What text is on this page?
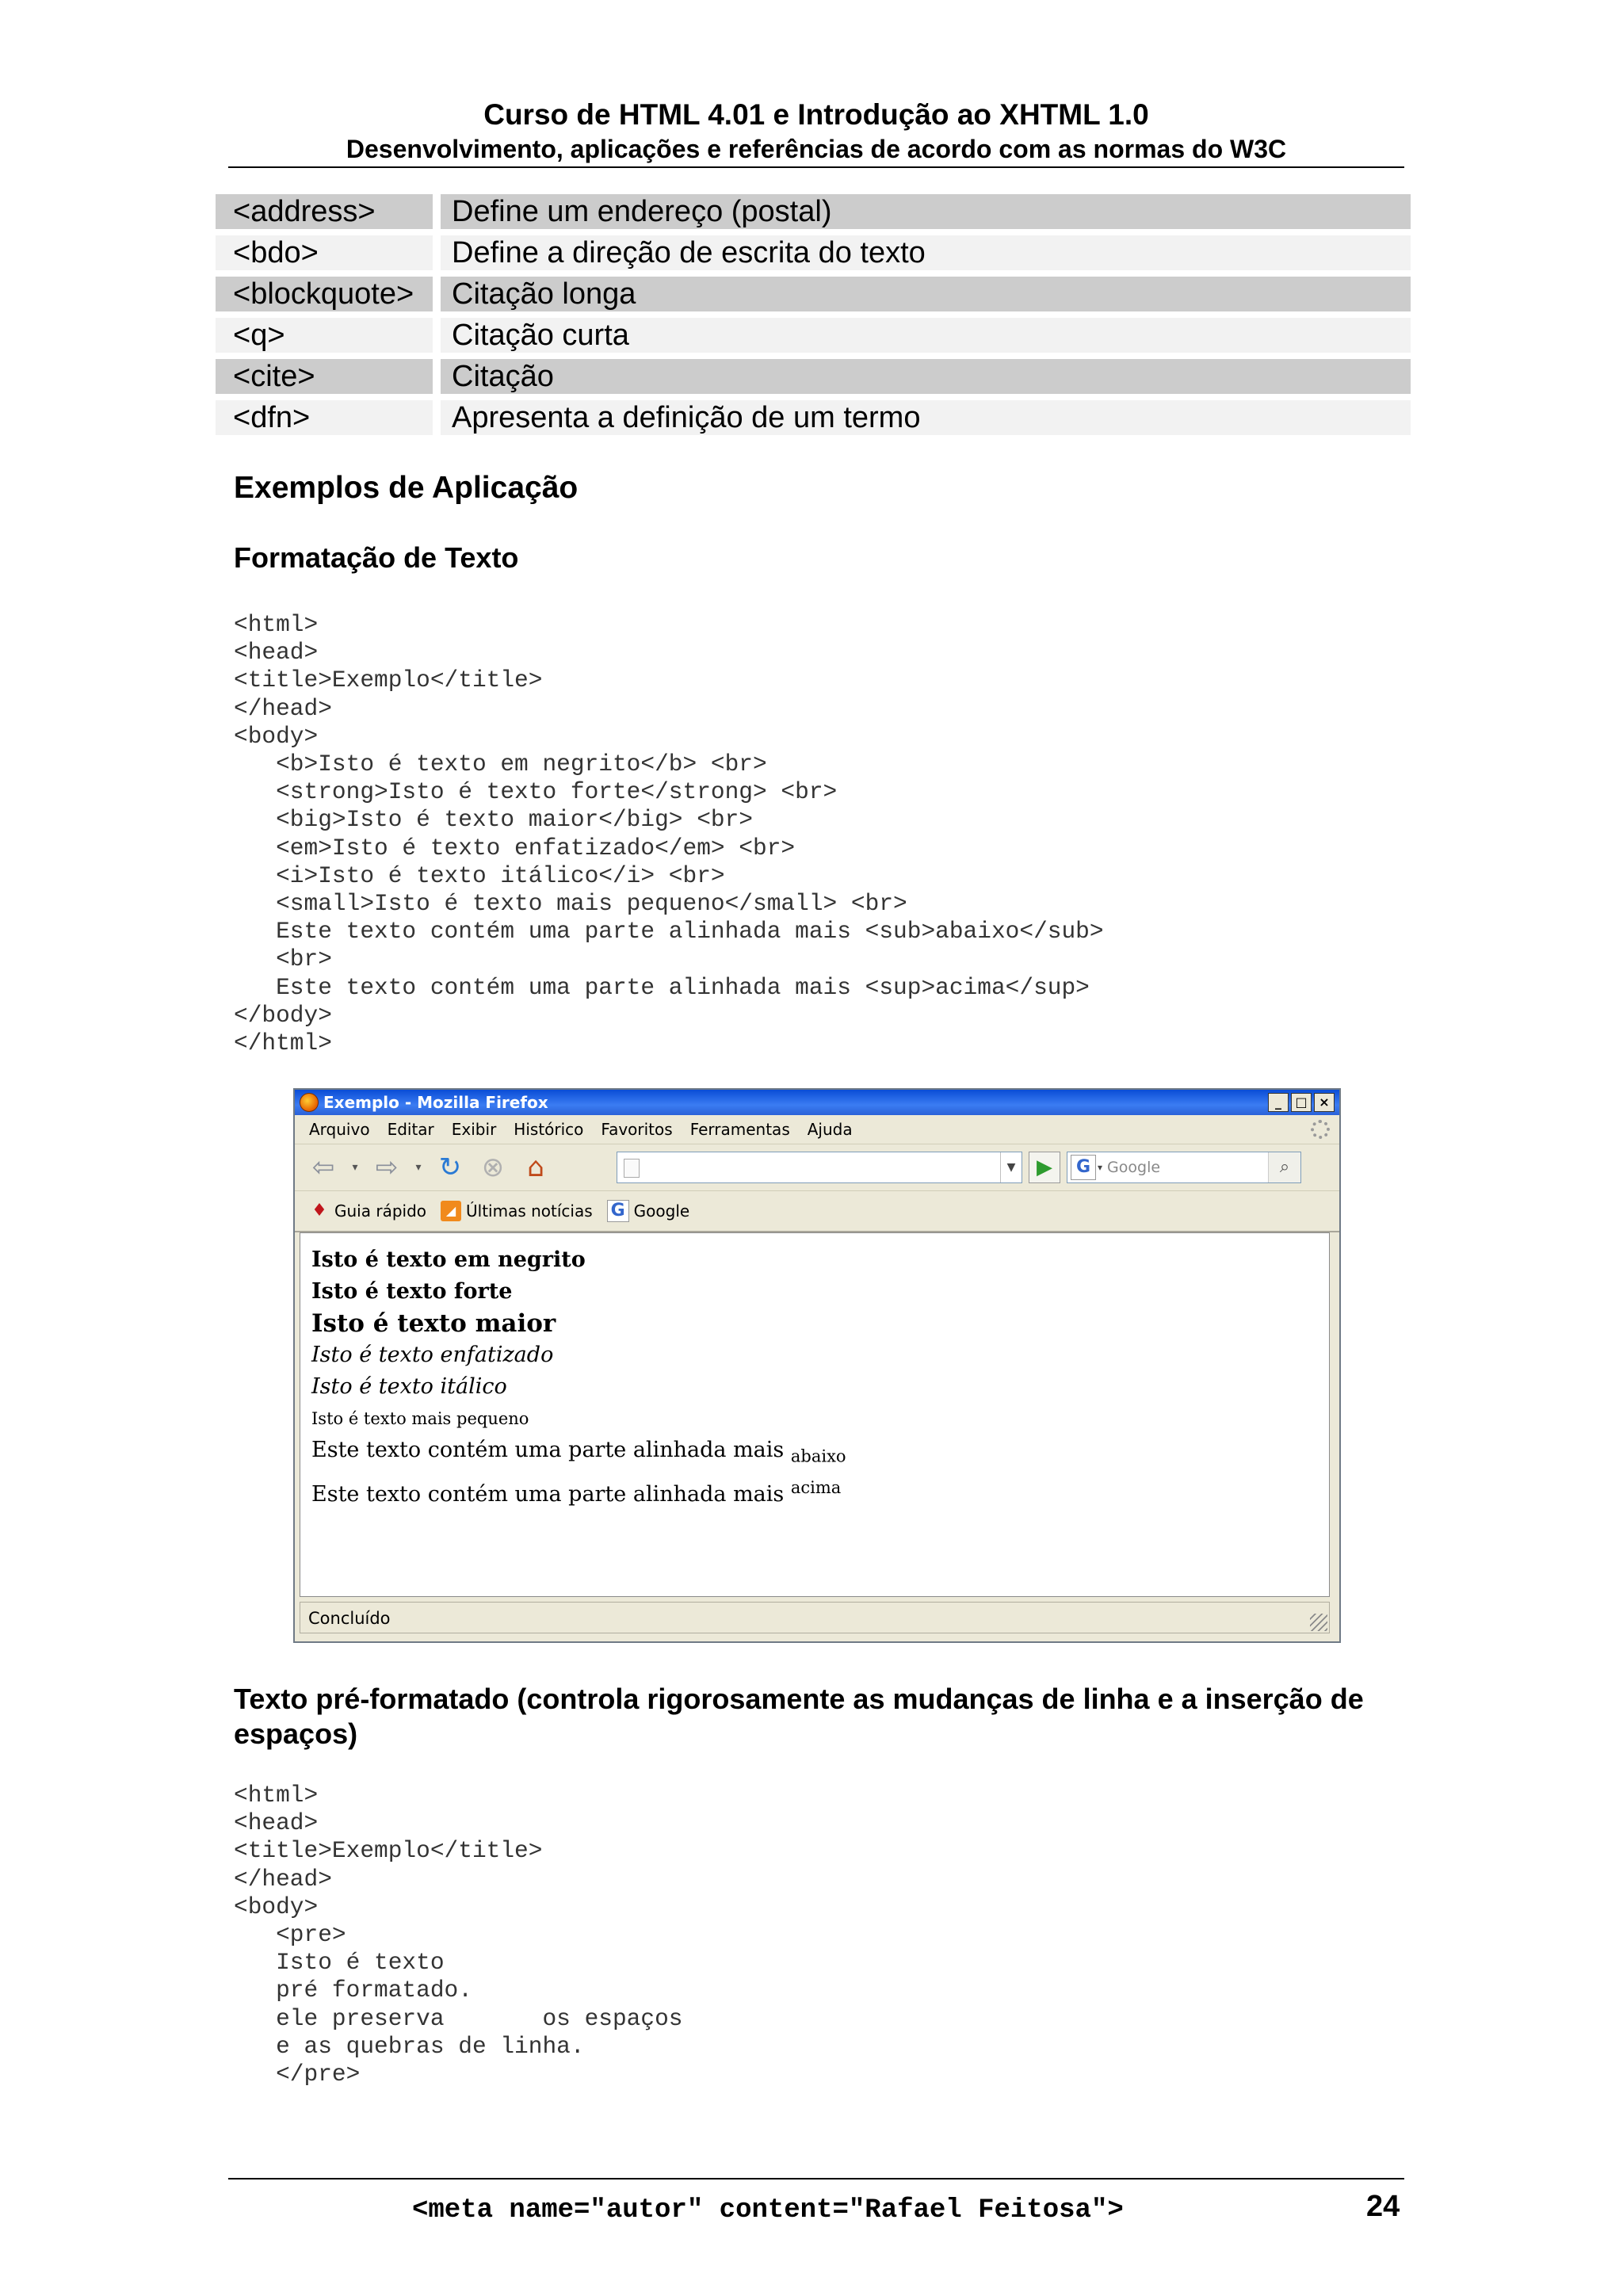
Curso de HTML 4.01 e Introdução ao XHTML 1.0
Desenvolvimento, aplicações e referências de acordo com as normas do W3C
<address>	Define um endereço (postal)
<bdo>	Define a direção de escrita do texto
<blockquote>	Citação longa
<q>	Citação curta
<cite>	Citação
<dfn>	Apresenta a definição de um termo
Exemplos de Aplicação
Formatação de Texto
<html>
<head>
<title>Exemplo</title>
</head>
<body>
<b>Isto é texto em negrito</b> <br>
<strong>Isto é texto forte</strong> <br>
<big>Isto é texto maior</big> <br>
<em>Isto é texto enfatizado</em> <br>
<i>Isto é texto itálico</i> <br>
<small>Isto é texto mais pequeno</small> <br>
Este texto contém uma parte alinhada mais <sub>abaixo</sub>
<br>
Este texto contém uma parte alinhada mais <sup>acima</sup>
</body>
</html>
Exemplo - Mozilla Firefox	_	□ ×
Arquivo Editar Exibir Histórico Favoritos Ferramentas Ajuda
⇦	▾ ⇨	▾ ↻ ⊗ ⌂	▼	▶	G ▾ Google	⌕
♦ Guia rápido	◢ Últimas notícias G Google
Isto é texto em negrito
Isto é texto forte
Isto é texto maior
Isto é texto enfatizado
Isto é texto itálico
Isto é texto mais pequeno
Este texto contém uma parte alinhada mais $_{abaixo}$
Este texto contém uma parte alinhada mais $^{acima}$
Concluído
Texto pré-formatado (controla rigorosamente as mudanças de linha e a inserção de espaços)
<html>
<head>
<title>Exemplo</title>
</head>
<body>
<pre>
Isto é texto
pré formatado.
ele preserva       os espaços
e as quebras de linha.
</pre>
<meta name="autor" content="Rafael Feitosa">	24
